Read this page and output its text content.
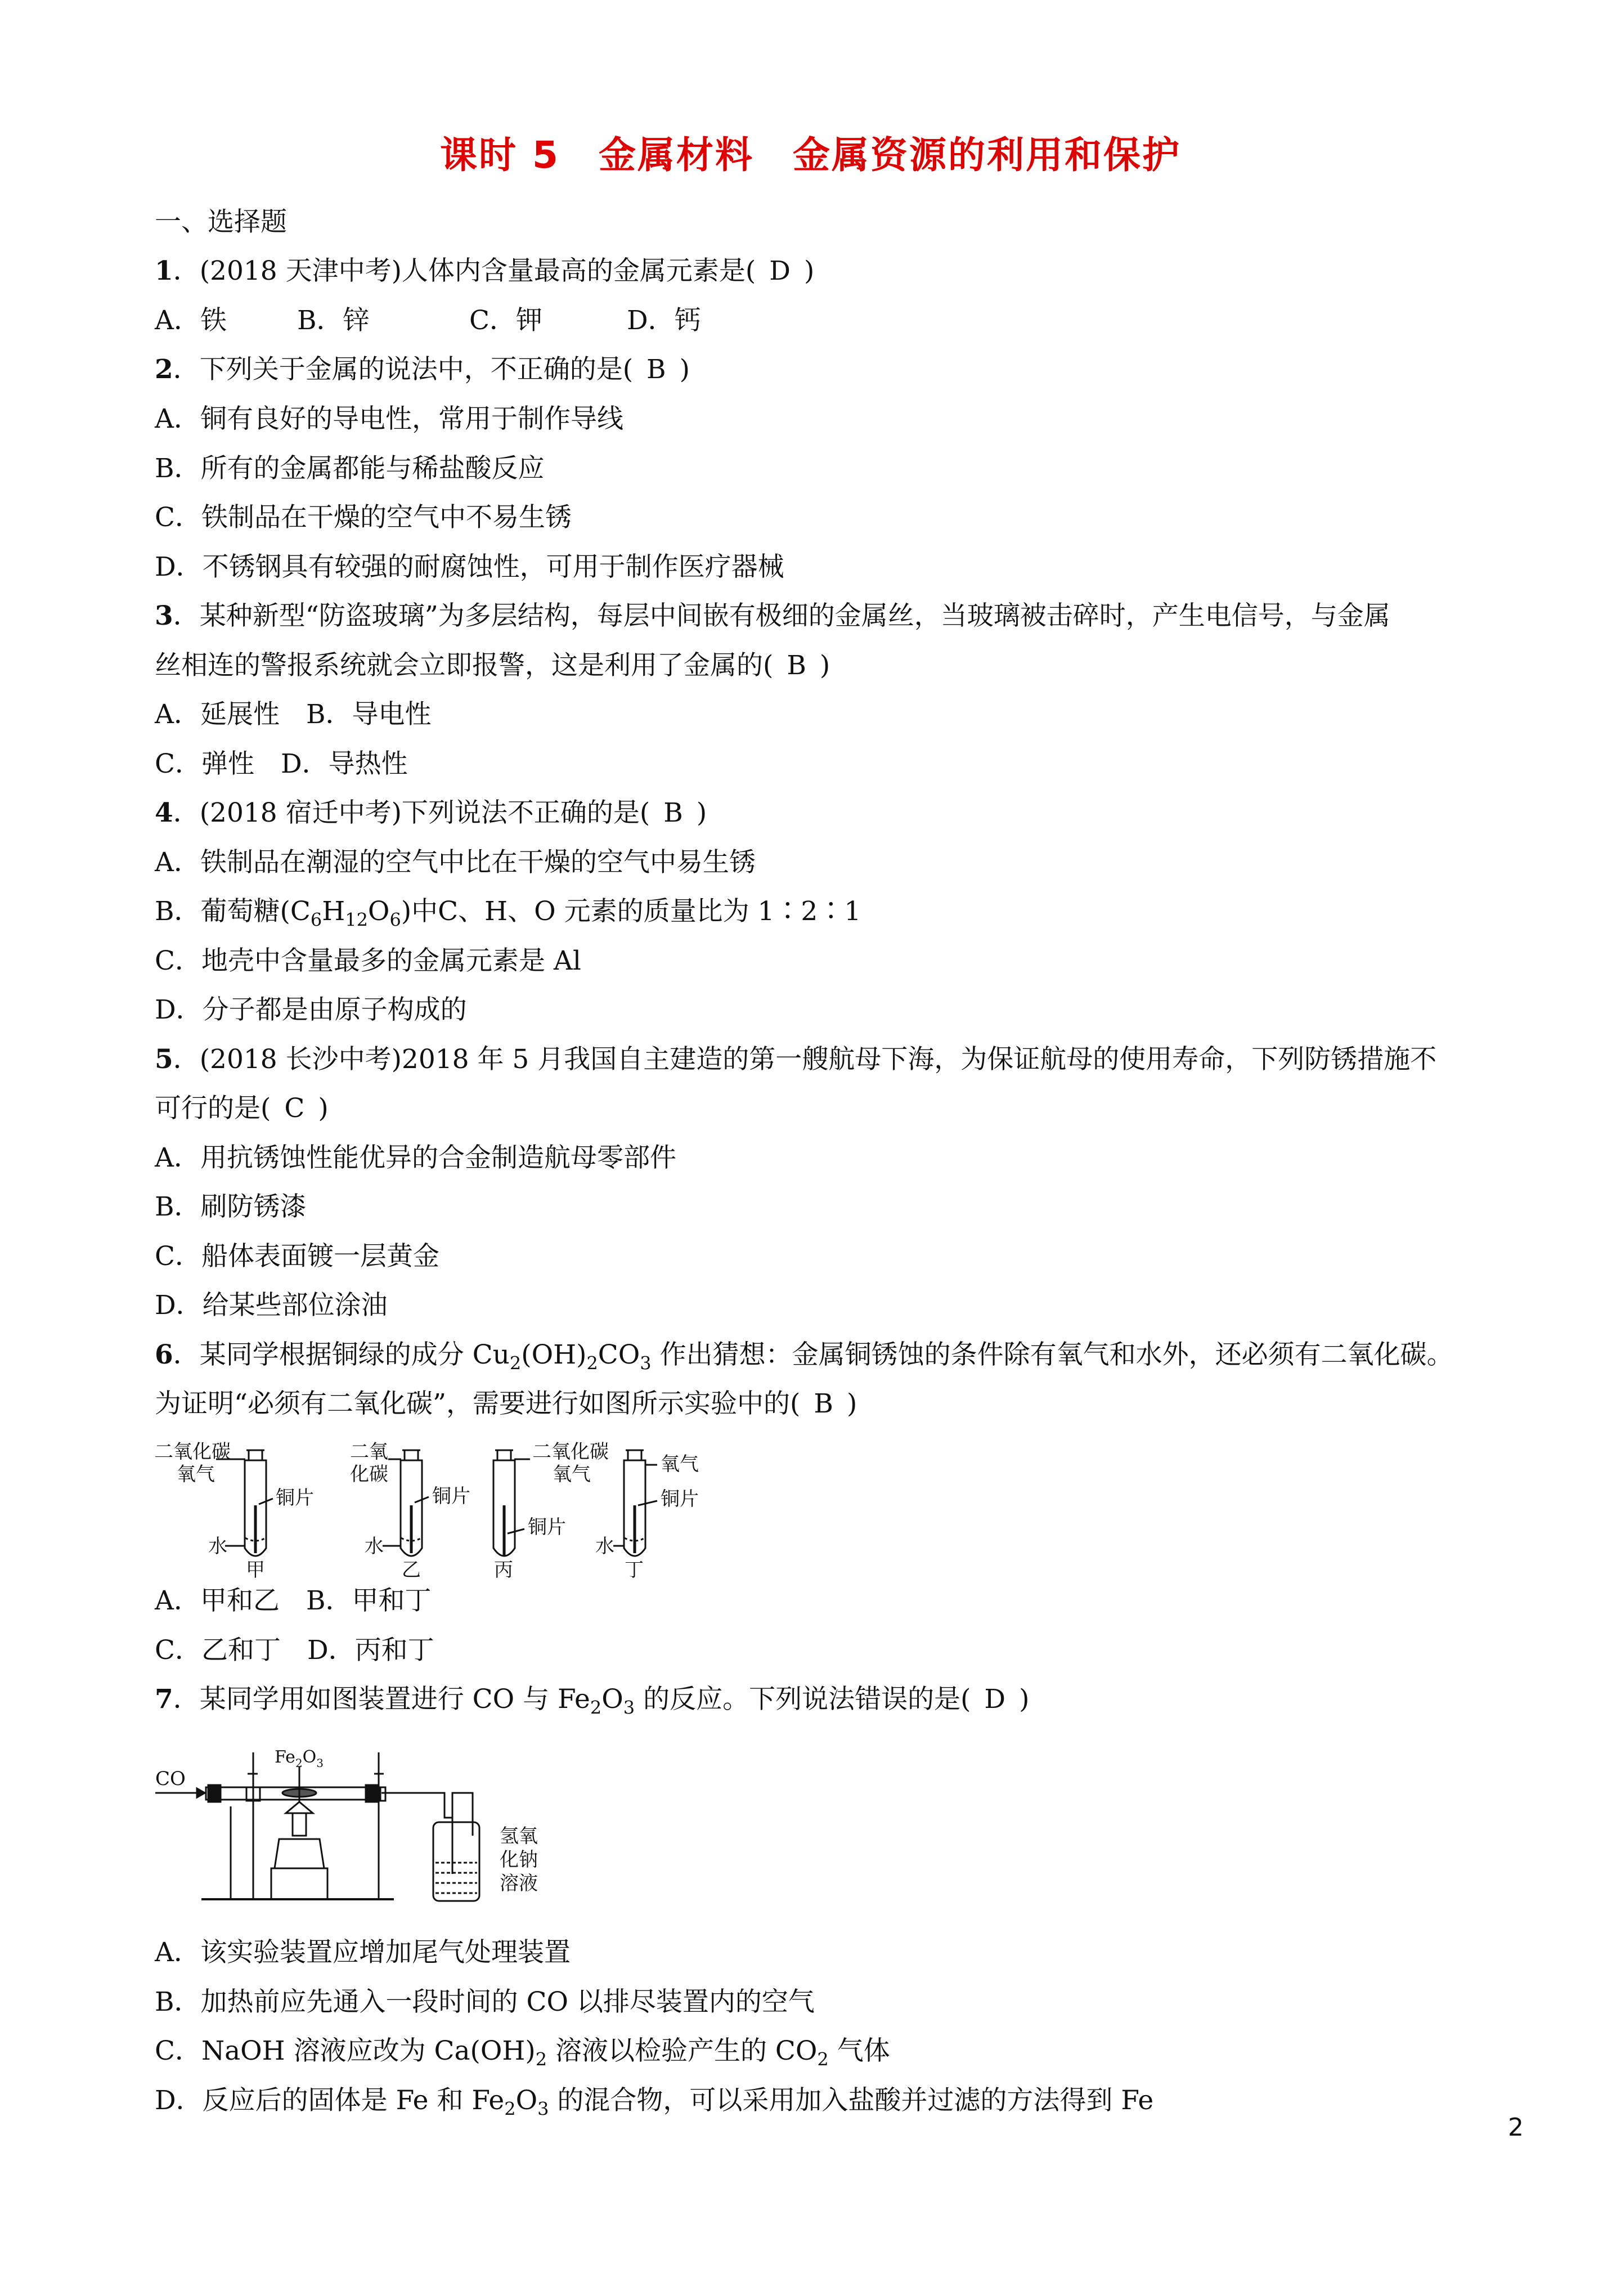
课时 5　金属材料　金属资源的利用和保护
一、选择题
1．(2018 天津中考)人体内含量最高的金属元素是( D )
A．铁	B．锌	C．钾	D．钙
2．下列关于金属的说法中，不正确的是( B )
A．铜有良好的导电性，常用于制作导线
B．所有的金属都能与稀盐酸反应
C．铁制品在干燥的空气中不易生锈
D．不锈钢具有较强的耐腐蚀性，可用于制作医疗器械
3．某种新型“防盗玻璃”为多层结构，每层中间嵌有极细的金属丝，当玻璃被击碎时，产生电信号，与金属
丝相连的警报系统就会立即报警，这是利用了金属的( B )
A．延展性　B．导电性
C．弹性　D．导热性
4．(2018 宿迁中考)下列说法不正确的是( B )
A．铁制品在潮湿的空气中比在干燥的空气中易生锈
B．葡萄糖$(C_6H_{12}O_6)$中C、H、O 元素的质量比为 1∶2∶1
C．地壳中含量最多的金属元素是 Al
D．分子都是由原子构成的
5．(2018 长沙中考)2018 年 5 月我国自主建造的第一艘航母下海，为保证航母的使用寿命，下列防锈措施不
可行的是( C )
A．用抗锈蚀性能优异的合金制造航母零部件
B．刷防锈漆
C．船体表面镀一层黄金
D．给某些部位涂油
6．某同学根据铜绿的成分 $Cu_2(OH)_2CO_3$ 作出猜想：金属铜锈蚀的条件除有氧气和水外，还必须有二氧化碳。
为证明“必须有二氧化碳”，需要进行如图所示实验中的( B )
二氧化碳
氧气
铜片
水
甲
二氧
化碳
铜片
水
乙
二氧化碳
氧气
铜片
丙
氧气
铜片
水
丁
A．甲和乙　B．甲和丁
C．乙和丁　D．丙和丁
7．某同学用如图装置进行 CO 与 $Fe_2O_3$ 的反应。下列说法错误的是( D )
CO
$Fe_2O_3$
氢氧
化钠
溶液
A．该实验装置应增加尾气处理装置
B．加热前应先通入一段时间的 CO 以排尽装置内的空气
C．NaOH 溶液应改为 $Ca(OH)_2$ 溶液以检验产生的 $CO_2$ 气体
D．反应后的固体是 Fe 和 $Fe_2O_3$ 的混合物，可以采用加入盐酸并过滤的方法得到 Fe
2
